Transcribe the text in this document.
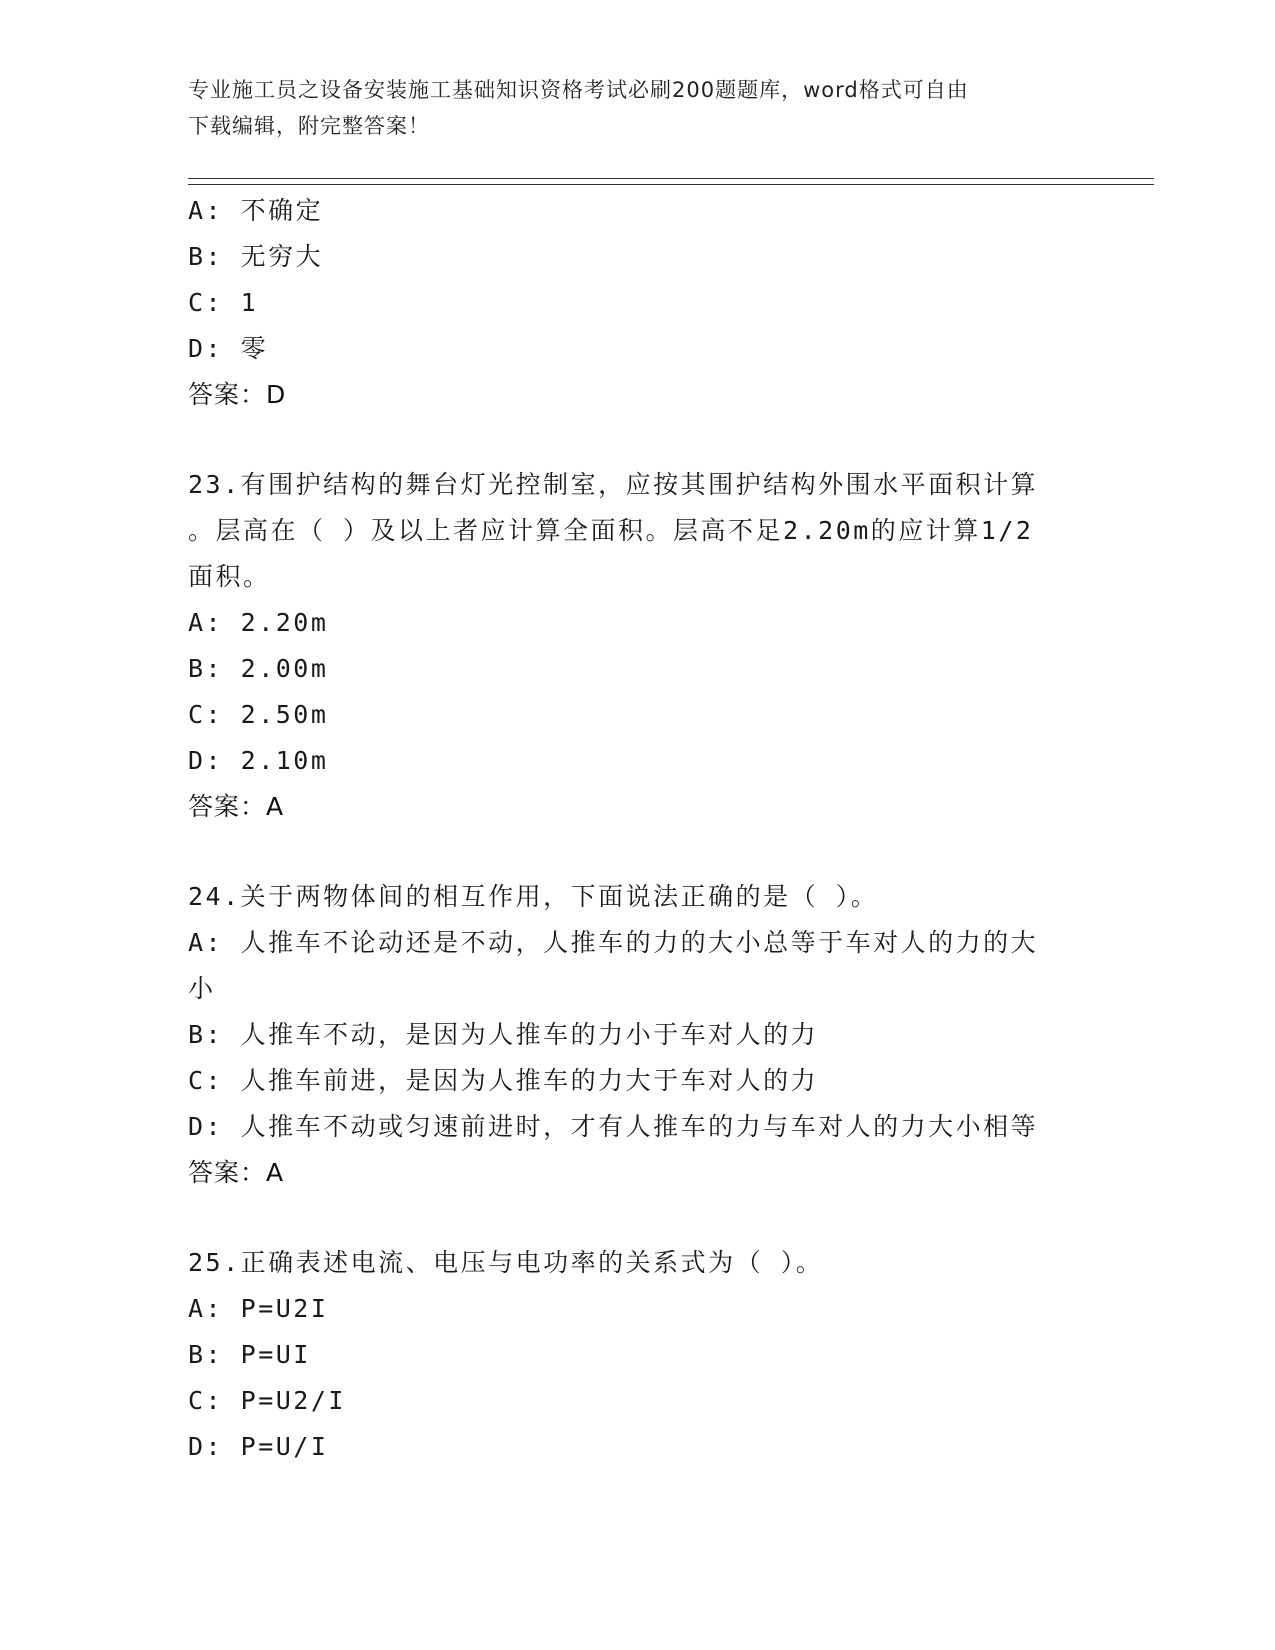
专业施工员之设备安装施工基础知识资格考试必刷200题题库，word格式可自由
下载编辑，附完整答案！
A: 不确定
B: 无穷大
C: 1
D: 零
答案：D
23.有围护结构的舞台灯光控制室，应按其围护结构外围水平面积计算
。层高在（ ）及以上者应计算全面积。层高不足2.20m的应计算1/2
面积。
A: 2.20m
B: 2.00m
C: 2.50m
D: 2.10m
答案：A
24.关于两物体间的相互作用，下面说法正确的是（ ）。
A: 人推车不论动还是不动，人推车的力的大小总等于车对人的力的大
小
B: 人推车不动，是因为人推车的力小于车对人的力
C: 人推车前进，是因为人推车的力大于车对人的力
D: 人推车不动或匀速前进时，才有人推车的力与车对人的力大小相等
答案：A
25.正确表述电流、电压与电功率的关系式为（ ）。
A: P=U2I
B: P=UI
C: P=U2/I
D: P=U/I
